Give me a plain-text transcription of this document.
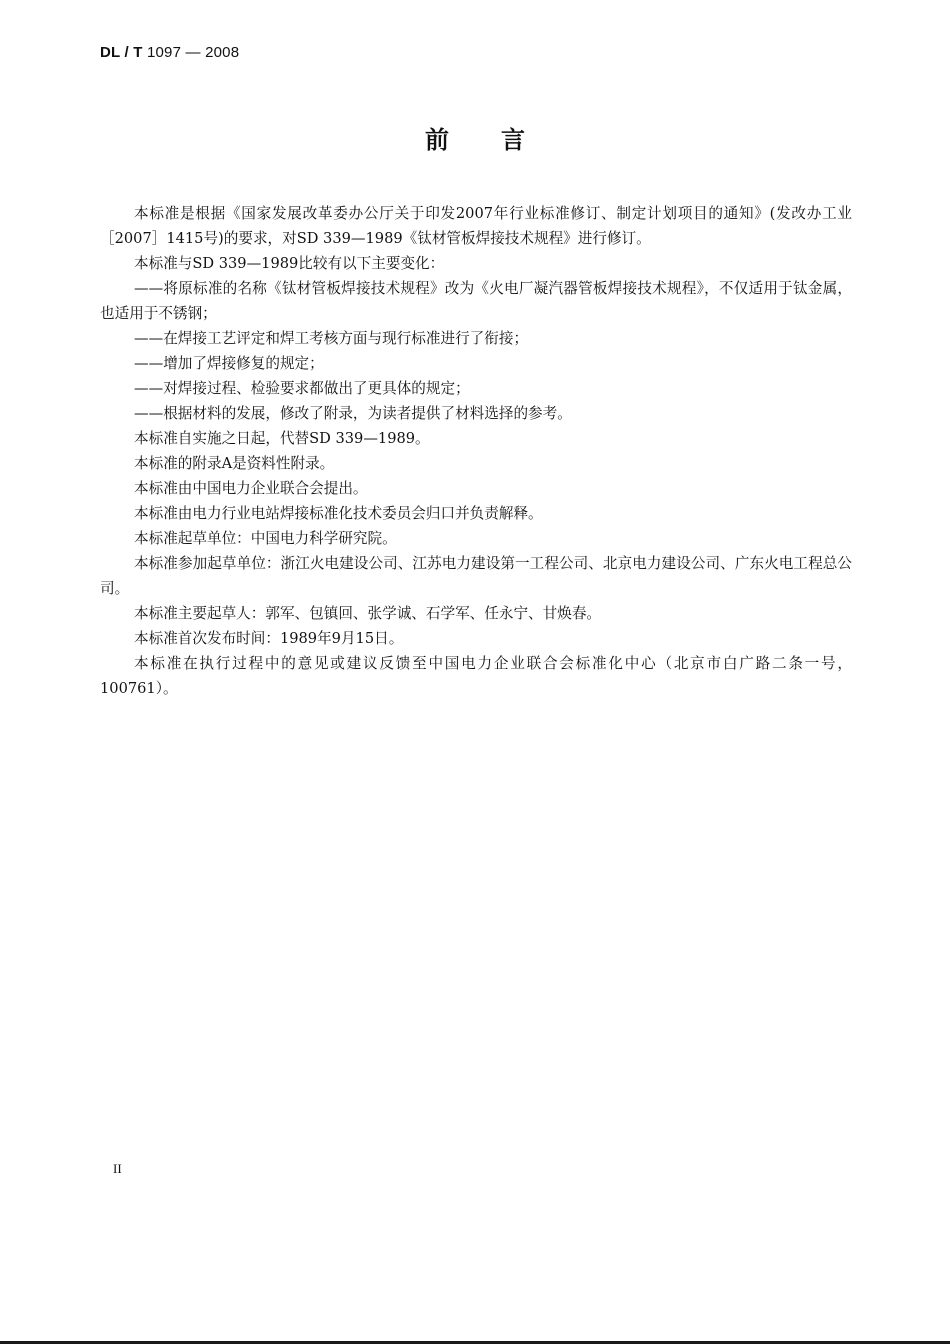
DL / T 1097 — 2008
前言

本标准是根据《国家发展改革委办公厅关于印发2007年行业标准修订、制定计划项目的通知》(发改办工业［2007］1415号)的要求，对SD 339—1989《钛材管板焊接技术规程》进行修订。

本标准与SD 339—1989比较有以下主要变化：

——将原标准的名称《钛材管板焊接技术规程》改为《火电厂凝汽器管板焊接技术规程》，不仅适用于钛金属，也适用于不锈钢；

——在焊接工艺评定和焊工考核方面与现行标准进行了衔接；

——增加了焊接修复的规定；

——对焊接过程、检验要求都做出了更具体的规定；

——根据材料的发展，修改了附录，为读者提供了材料选择的参考。

本标准自实施之日起，代替SD 339—1989。

本标准的附录A是资料性附录。

本标准由中国电力企业联合会提出。

本标准由电力行业电站焊接标准化技术委员会归口并负责解释。

本标准起草单位：中国电力科学研究院。

本标准参加起草单位：浙江火电建设公司、江苏电力建设第一工程公司、北京电力建设公司、广东火电工程总公司。

本标准主要起草人：郭军、包镇回、张学诚、石学军、任永宁、甘焕春。

本标准首次发布时间：1989年9月15日。

本标准在执行过程中的意见或建议反馈至中国电力企业联合会标准化中心（北京市白广路二条一号，100761）。

II
